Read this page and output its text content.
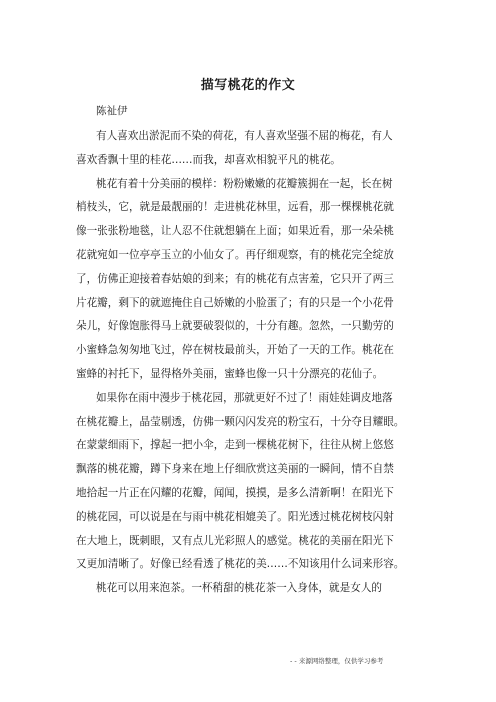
描写桃花的作文
陈祉伊
有人喜欢出淤泥而不染的荷花，有人喜欢坚强不屈的梅花，有人
喜欢香飘十里的桂花……而我，却喜欢相貌平凡的桃花。
桃花有着十分美丽的模样：粉粉嫩嫩的花瓣簇拥在一起，长在树
梢枝头，它，就是最靓丽的！走进桃花林里，远看，那一棵棵桃花就
像一张张粉地毯，让人忍不住就想躺在上面；如果近看，那一朵朵桃
花就宛如一位亭亭玉立的小仙女了。再仔细观察，有的桃花完全绽放
了，仿佛正迎接着春姑娘的到来；有的桃花有点害羞，它只开了两三
片花瓣，剩下的就遮掩住自己娇嫩的小脸蛋了；有的只是一个小花骨
朵儿，好像饱胀得马上就要破裂似的，十分有趣。忽然，一只勤劳的
小蜜蜂急匆匆地飞过，停在树枝最前头，开始了一天的工作。桃花在
蜜蜂的衬托下，显得格外美丽，蜜蜂也像一只十分漂亮的花仙子。
如果你在雨中漫步于桃花园，那就更好不过了！雨娃娃调皮地落
在桃花瓣上，晶莹剔透，仿佛一颗闪闪发亮的粉宝石，十分夺目耀眼。
在蒙蒙细雨下，撑起一把小伞，走到一棵桃花树下，往往从树上悠悠
飘落的桃花瓣，蹲下身来在地上仔细欣赏这美丽的一瞬间，情不自禁
地拾起一片正在闪耀的花瓣，闻闻，摸摸，是多么清新啊！在阳光下
的桃花园，可以说是在与雨中桃花相媲美了。阳光透过桃花树枝闪射
在大地上，既刺眼，又有点儿光彩照人的感觉。桃花的美丽在阳光下
又更加清晰了。好像已经看透了桃花的美……不知该用什么词来形容。
桃花可以用来泡茶。一杯稍甜的桃花茶一入身体，就是女人的
- - 来源网络整理，仅供学习参考
